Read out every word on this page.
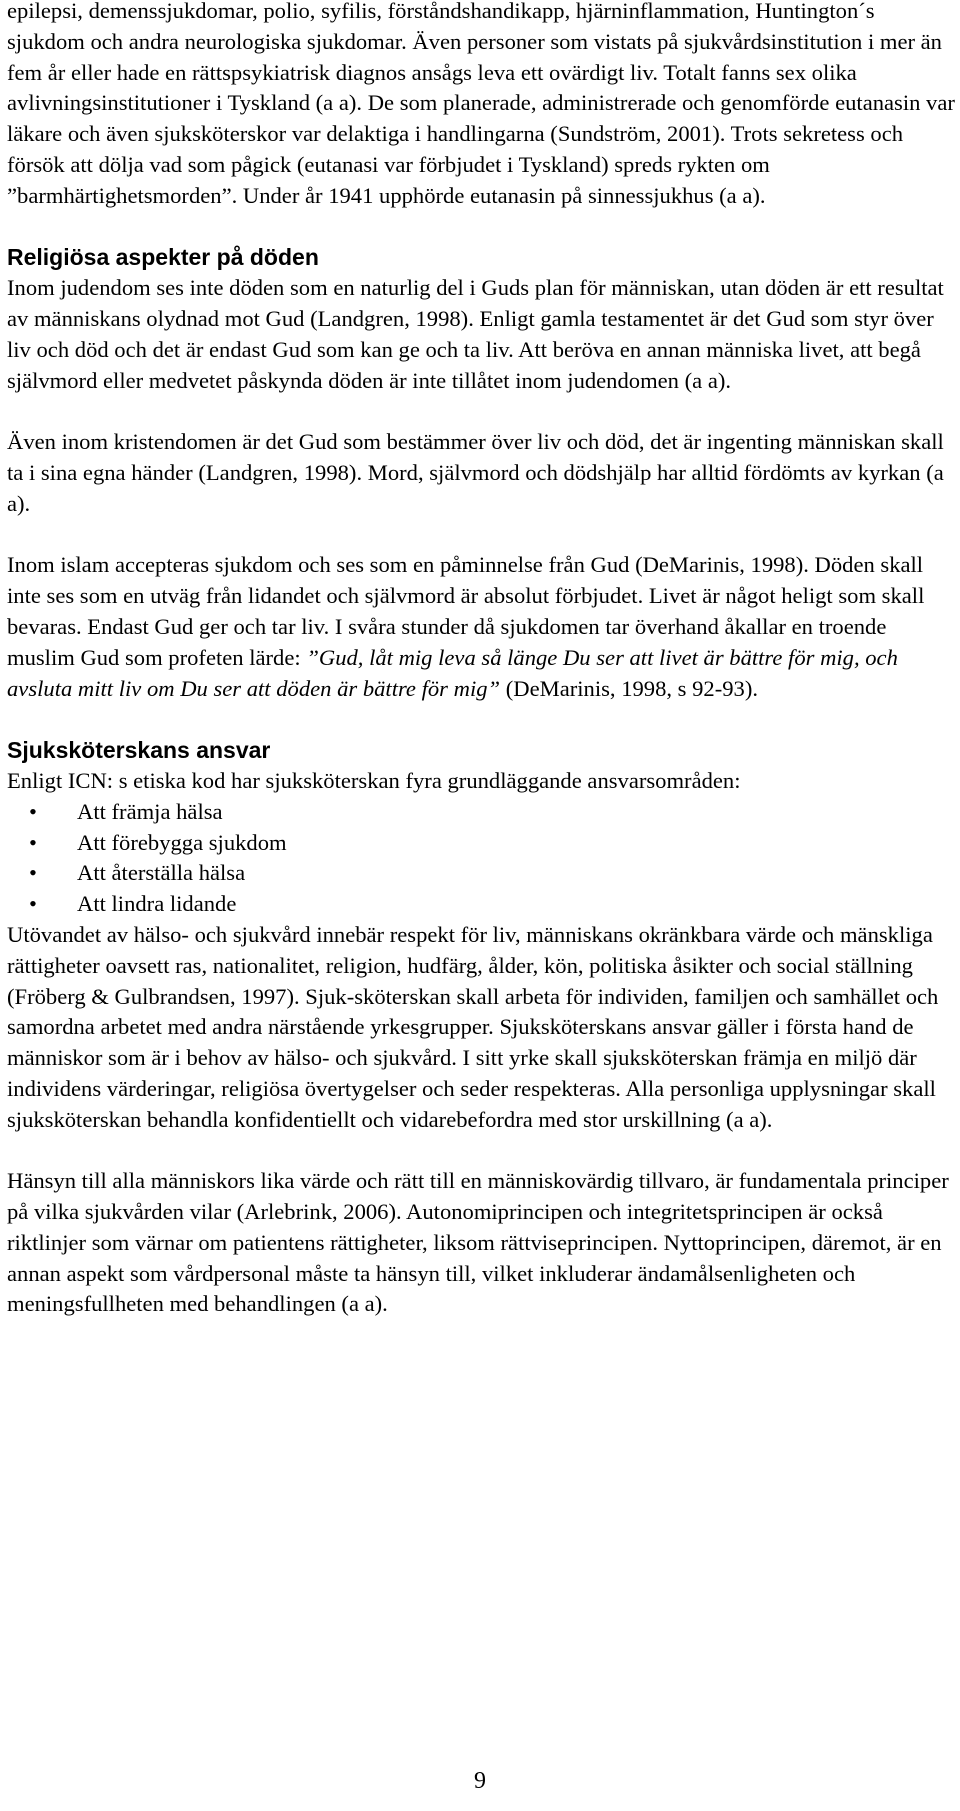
epilepsi, demenssjukdomar, polio, syfilis, förståndshandikapp, hjärninflammation, Huntington´s sjukdom och andra neurologiska sjukdomar. Även personer som vistats på sjukvårdsinstitution i mer än fem år eller hade en rättspsykiatrisk diagnos ansågs leva ett ovärdigt liv. Totalt fanns sex olika avlivningsinstitutioner i Tyskland (a a). De som planerade, administrerade och genomförde eutanasin var läkare och även sjuksköterskor var delaktiga i handlingarna (Sundström, 2001). Trots sekretess och försök att dölja vad som pågick (eutanasi var förbjudet i Tyskland) spreds rykten om ”barmhärtighetsmorden”. Under år 1941 upphörde eutanasin på sinnessjukhus (a a).

Religiösa aspekter på döden

Inom judendom ses inte döden som en naturlig del i Guds plan för människan, utan döden är ett resultat av människans olydnad mot Gud (Landgren, 1998). Enligt gamla testamentet är det Gud som styr över liv och död och det är endast Gud som kan ge och ta liv. Att beröva en annan människa livet, att begå självmord eller medvetet påskynda döden är inte tillåtet inom judendomen (a a).

Även inom kristendomen är det Gud som bestämmer över liv och död, det är ingenting människan skall ta i sina egna händer (Landgren, 1998). Mord, självmord och dödshjälp har alltid fördömts av kyrkan (a a).

Inom islam accepteras sjukdom och ses som en påminnelse från Gud (DeMarinis, 1998). Döden skall inte ses som en utväg från lidandet och självmord är absolut förbjudet. Livet är något heligt som skall bevaras. Endast Gud ger och tar liv. I svåra stunder då sjukdomen tar överhand åkallar en troende muslim Gud som profeten lärde: ”Gud, låt mig leva så länge Du ser att livet är bättre för mig, och avsluta mitt liv om Du ser att döden är bättre för mig” (DeMarinis, 1998, s 92-93).

Sjuksköterskans ansvar

Enligt ICN: s etiska kod har sjuksköterskan fyra grundläggande ansvarsområden:

• Att främja hälsa
• Att förebygga sjukdom
• Att återställa hälsa
• Att lindra lidande

Utövandet av hälso- och sjukvård innebär respekt för liv, människans okränkbara värde och mänskliga rättigheter oavsett ras, nationalitet, religion, hudfärg, ålder, kön, politiska åsikter och social ställning (Fröberg & Gulbrandsen, 1997). Sjuk-sköterskan skall arbeta för individen, familjen och samhället och samordna arbetet med andra närstående yrkesgrupper. Sjuksköterskans ansvar gäller i första hand de människor som är i behov av hälso- och sjukvård. I sitt yrke skall sjuksköterskan främja en miljö där individens värderingar, religiösa övertygelser och seder respekteras. Alla personliga upplysningar skall sjuksköterskan behandla konfidentiellt och vidarebefordra med stor urskillning (a a).

Hänsyn till alla människors lika värde och rätt till en människovärdig tillvaro, är fundamentala principer på vilka sjukvården vilar (Arlebrink, 2006). Autonomiprincipen och integritetsprincipen är också riktlinjer som värnar om patientens rättigheter, liksom rättviseprincipen. Nyttoprincipen, däremot, är en annan aspekt som vårdpersonal måste ta hänsyn till, vilket inkluderar ändamålsenligheten och meningsfullheten med behandlingen (a a).

9
